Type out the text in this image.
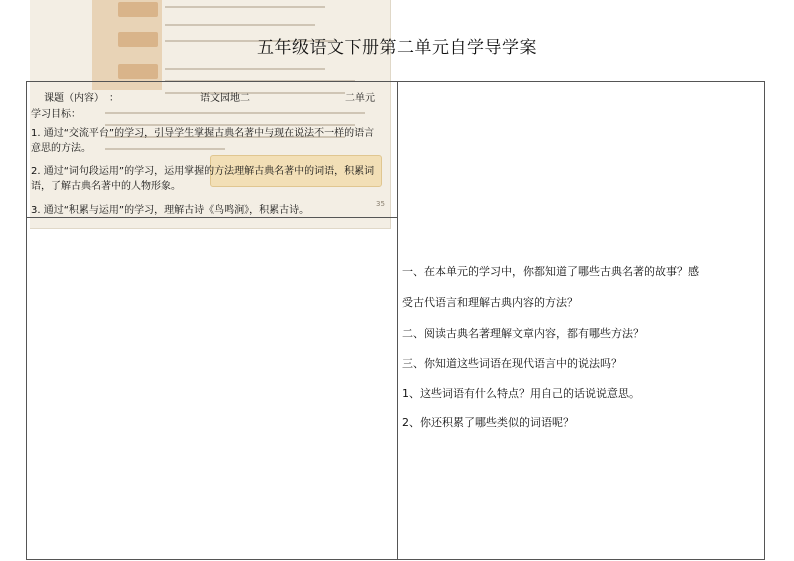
35
五年级语文下册第二单元自学导学案
课题（内容）　：	语文园地二	二单元
学习目标：
1. 通过“交流平台”的学习，引导学生掌握古典名著中与现在说法不一样的语言意思的方法。
2. 通过“词句段运用”的学习，运用掌握的方法理解古典名著中的词语，积累词语，了解古典名著中的人物形象。
3. 通过“积累与运用”的学习，理解古诗《鸟鸣涧》，积累古诗。
一、在本单元的学习中，你都知道了哪些古典名著的故事？感
受古代语言和理解古典内容的方法？
二、阅读古典名著理解文章内容，都有哪些方法？
三、你知道这些词语在现代语言中的说法吗？
1、这些词语有什么特点？用自己的话说说意思。
2、你还积累了哪些类似的词语呢？
